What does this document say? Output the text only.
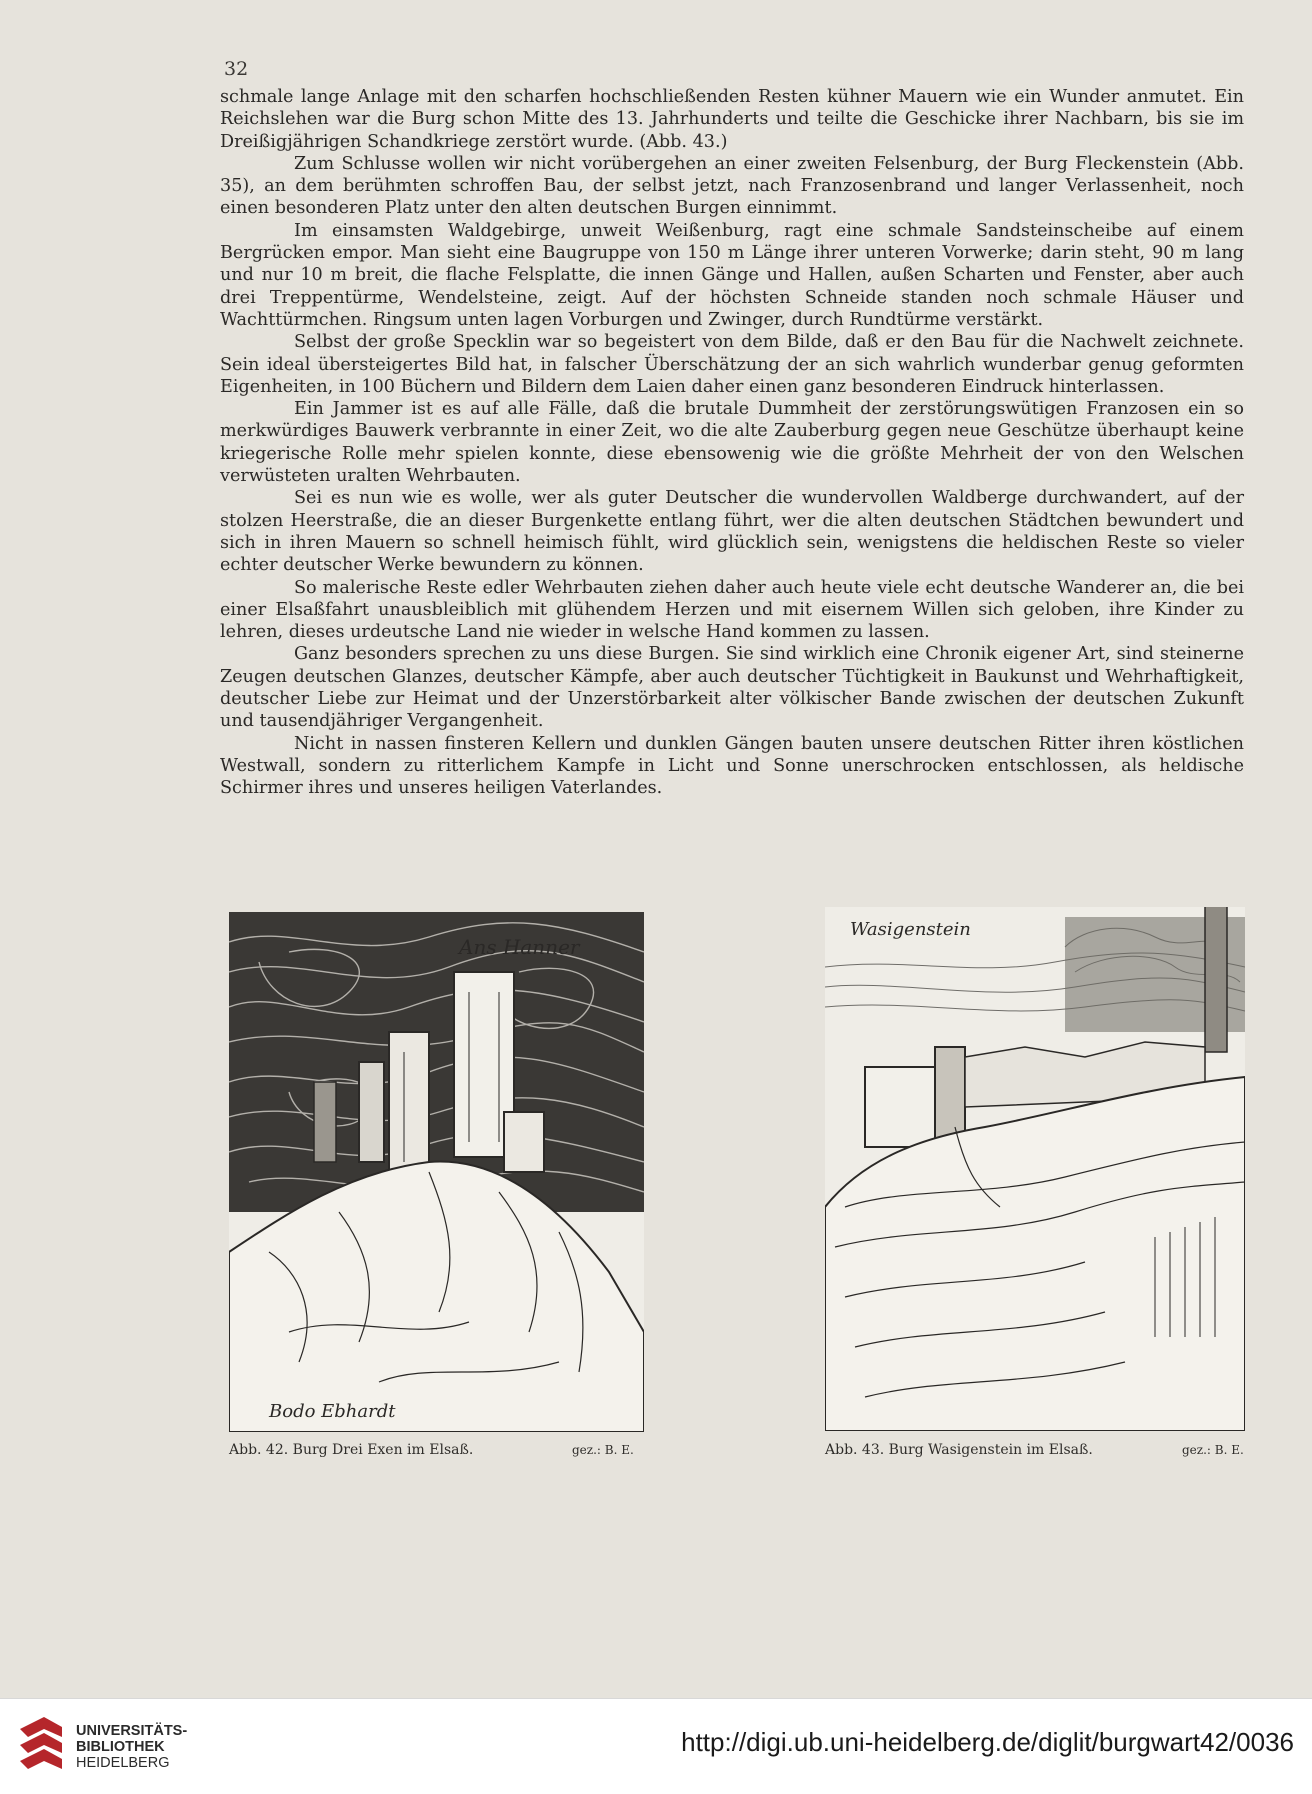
32

schmale lange Anlage mit den scharfen hochschließenden Resten kühner Mauern wie ein Wunder anmutet. Ein Reichslehen war die Burg schon Mitte des 13. Jahrhunderts und teilte die Geschicke ihrer Nachbarn, bis sie im Dreißigjährigen Schandkriege zerstört wurde. (Abb. 43.)

Zum Schlusse wollen wir nicht vorübergehen an einer zweiten Felsenburg, der Burg Fleckenstein (Abb. 35), an dem berühmten schroffen Bau, der selbst jetzt, nach Franzosenbrand und langer Verlassenheit, noch einen besonderen Platz unter den alten deutschen Burgen einnimmt.

Im einsamsten Waldgebirge, unweit Weißenburg, ragt eine schmale Sandsteinscheibe auf einem Bergrücken empor. Man sieht eine Baugruppe von 150 m Länge ihrer unteren Vorwerke; darin steht, 90 m lang und nur 10 m breit, die flache Felsplatte, die innen Gänge und Hallen, außen Scharten und Fenster, aber auch drei Treppentürme, Wendelsteine, zeigt. Auf der höchsten Schneide standen noch schmale Häuser und Wachttürmchen. Ringsum unten lagen Vorburgen und Zwinger, durch Rundtürme verstärkt.

Selbst der große Specklin war so begeistert von dem Bilde, daß er den Bau für die Nachwelt zeichnete. Sein ideal übersteigertes Bild hat, in falscher Überschätzung der an sich wahrlich wunderbar genug geformten Eigenheiten, in 100 Büchern und Bildern dem Laien daher einen ganz besonderen Eindruck hinterlassen.

Ein Jammer ist es auf alle Fälle, daß die brutale Dummheit der zerstörungswütigen Franzosen ein so merkwürdiges Bauwerk verbrannte in einer Zeit, wo die alte Zauberburg gegen neue Geschütze überhaupt keine kriegerische Rolle mehr spielen konnte, diese ebensowenig wie die größte Mehrheit der von den Welschen verwüsteten uralten Wehrbauten.

Sei es nun wie es wolle, wer als guter Deutscher die wundervollen Waldberge durchwandert, auf der stolzen Heerstraße, die an dieser Burgenkette entlang führt, wer die alten deutschen Städtchen bewundert und sich in ihren Mauern so schnell heimisch fühlt, wird glücklich sein, wenigstens die heldischen Reste so vieler echter deutscher Werke bewundern zu können.

So malerische Reste edler Wehrbauten ziehen daher auch heute viele echt deutsche Wanderer an, die bei einer Elsaßfahrt unausbleiblich mit glühendem Herzen und mit eisernem Willen sich geloben, ihre Kinder zu lehren, dieses urdeutsche Land nie wieder in welsche Hand kommen zu lassen.

Ganz besonders sprechen zu uns diese Burgen. Sie sind wirklich eine Chronik eigener Art, sind steinerne Zeugen deutschen Glanzes, deutscher Kämpfe, aber auch deutscher Tüchtigkeit in Baukunst und Wehrhaftigkeit, deutscher Liebe zur Heimat und der Unzerstörbarkeit alter völkischer Bande zwischen der deutschen Zukunft und tausendjähriger Vergangenheit.

Nicht in nassen finsteren Kellern und dunklen Gängen bauten unsere deutschen Ritter ihren köstlichen Westwall, sondern zu ritterlichem Kampfe in Licht und Sonne unerschrocken entschlossen, als heldische Schirmer ihres und unseres heiligen Vaterlandes.

Ans Hanner
Bodo Ebhardt
Abb. 42. Burg Drei Exen im Elsaß.	gez.: B. E.
Wasigenstein
Abb. 43. Burg Wasigenstein im Elsaß.	gez.: B. E.
UNIVERSITÄTS-
BIBLIOTHEK
HEIDELBERG
http://digi.ub.uni-heidelberg.de/diglit/burgwart42/0036
